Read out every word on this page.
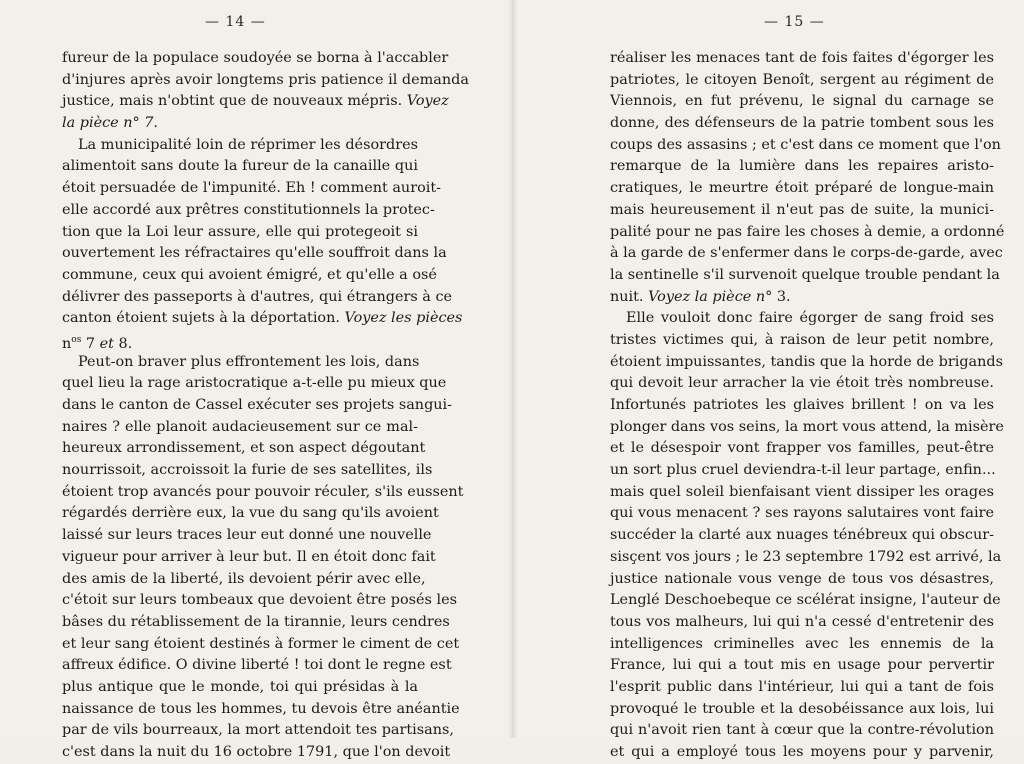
— 14 —
fureur de la populace soudoyée se borna à l'accabler
d'injures après avoir longtems pris patience il demanda
justice, mais n'obtint que de nouveaux mépris. Voyez
la pièce n° 7.
La municipalité loin de réprimer les désordres
alimentoit sans doute la fureur de la canaille qui
étoit persuadée de l'impunité. Eh ! comment auroit-
elle accordé aux prêtres constitutionnels la protec-
tion que la Loi leur assure, elle qui protegeoit si
ouvertement les réfractaires qu'elle souffroit dans la
commune, ceux qui avoient émigré, et qu'elle a osé
délivrer des passeports à d'autres, qui étrangers à ce
canton étoient sujets à la déportation. Voyez les pièces
$n^{os}$ 7 et 8.
Peut-on braver plus effrontement les lois, dans
quel lieu la rage aristocratique a-t-elle pu mieux que
dans le canton de Cassel exécuter ses projets sangui-
naires ? elle planoit audacieusement sur ce mal-
heureux arrondissement, et son aspect dégoutant
nourrissoit, accroissoit la furie de ses satellites, ils
étoient trop avancés pour pouvoir réculer, s'ils eussent
régardés derrière eux, la vue du sang qu'ils avoient
laissé sur leurs traces leur eut donné une nouvelle
vigueur pour arriver à leur but. Il en étoit donc fait
des amis de la liberté, ils devoient périr avec elle,
c'étoit sur leurs tombeaux que devoient être posés les
bâses du rétablissement de la tirannie, leurs cendres
et leur sang étoient destinés à former le ciment de cet
affreux édifice. O divine liberté ! toi dont le regne est
plus antique que le monde, toi qui présidas à la
naissance de tous les hommes, tu devois être anéantie
par de vils bourreaux, la mort attendoit tes partisans,
c'est dans la nuit du 16 octobre 1791, que l'on devoit
— 15 —
réaliser les menaces tant de fois faites d'égorger les
patriotes, le citoyen Benoît, sergent au régiment de
Viennois, en fut prévenu, le signal du carnage se
donne, des défenseurs de la patrie tombent sous les
coups des assasins ; et c'est dans ce moment que l'on
remarque de la lumière dans les repaires aristo-
cratiques, le meurtre étoit préparé de longue-main
mais heureusement il n'eut pas de suite, la munici-
palité pour ne pas faire les choses à demie, a ordonné
à la garde de s'enfermer dans le corps-de-garde, avec
la sentinelle s'il survenoit quelque trouble pendant la
nuit. Voyez la pièce n° 3.
Elle vouloit donc faire égorger de sang froid ses
tristes victimes qui, à raison de leur petit nombre,
étoient impuissantes, tandis que la horde de brigands
qui devoit leur arracher la vie étoit très nombreuse.
Infortunés patriotes les glaives brillent ! on va les
plonger dans vos seins, la mort vous attend, la misère
et le désespoir vont frapper vos familles, peut-être
un sort plus cruel deviendra-t-il leur partage, enfin...
mais quel soleil bienfaisant vient dissiper les orages
qui vous menacent ? ses rayons salutaires vont faire
succéder la clarté aux nuages ténébreux qui obscur-
sisçent vos jours ; le 23 septembre 1792 est arrivé, la
justice nationale vous venge de tous vos désastres,
Lenglé Deschoebeque ce scélérat insigne, l'auteur de
tous vos malheurs, lui qui n'a cessé d'entretenir des
intelligences criminelles avec les ennemis de la
France, lui qui a tout mis en usage pour pervertir
l'esprit public dans l'intérieur, lui qui a tant de fois
provoqué le trouble et la desobéissance aux lois, lui
qui n'avoit rien tant à cœur que la contre-révolution
et qui a employé tous les moyens pour y parvenir,
